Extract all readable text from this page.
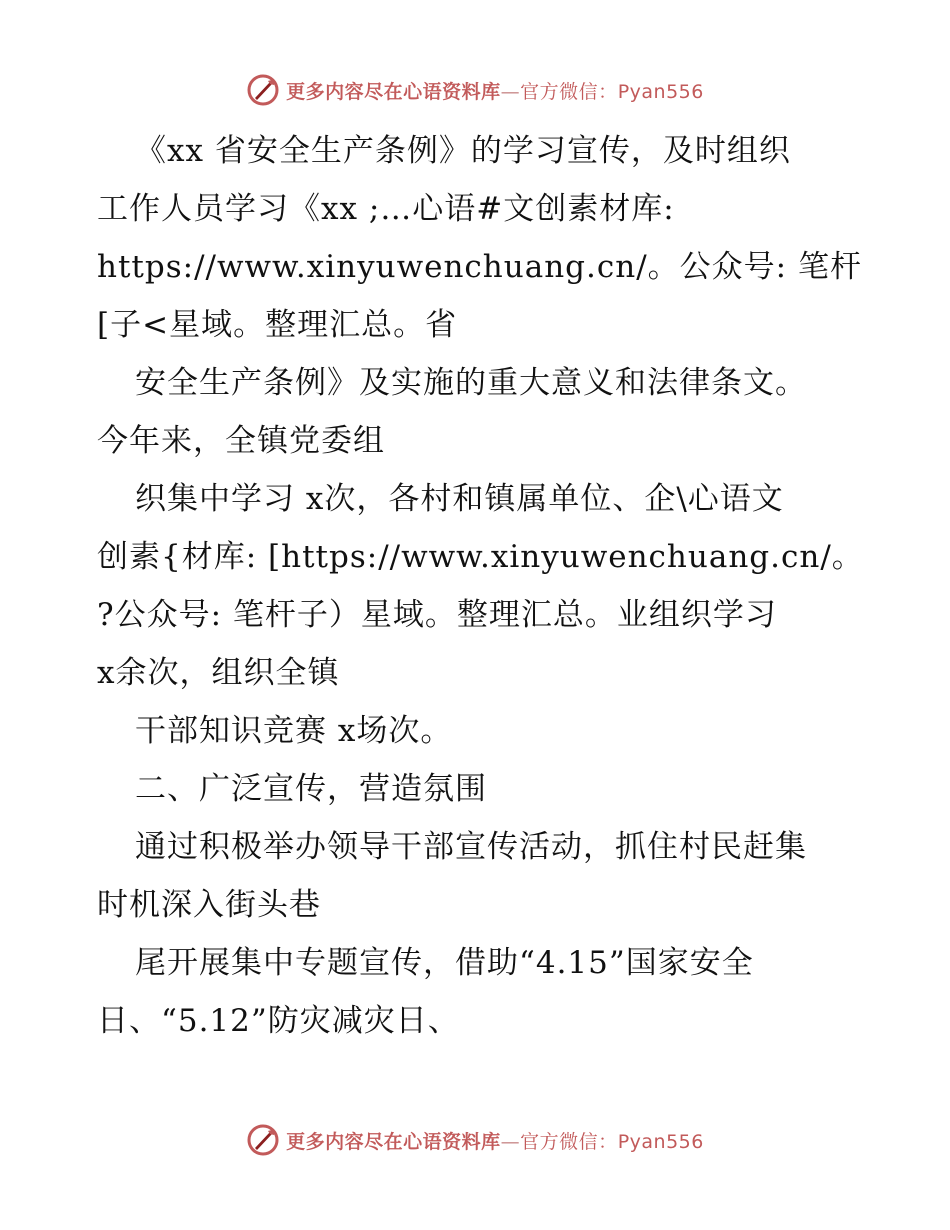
更多内容尽在心语资料库—官方微信：Pyan556
《xx 省安全生产条例》的学习宣传，及时组织
工作人员学习《xx ;…心语#文创素材库:
https://www.xinyuwenchuang.cn/。公众号: 笔杆
[子<星域。整理汇总。省
安全生产条例》及实施的重大意义和法律条文。
今年来，全镇党委组
织集中学习 x次，各村和镇属单位、企\心语文
创素{材库: [https://www.xinyuwenchuang.cn/。
?公众号: 笔杆子）星域。整理汇总。业组织学习
x余次，组织全镇
干部知识竞赛 x场次。
二、广泛宣传，营造氛围
通过积极举办领导干部宣传活动，抓住村民赶集
时机深入街头巷
尾开展集中专题宣传，借助“4.15”国家安全
日、“5.12”防灾减灾日、
更多内容尽在心语资料库—官方微信：Pyan556
